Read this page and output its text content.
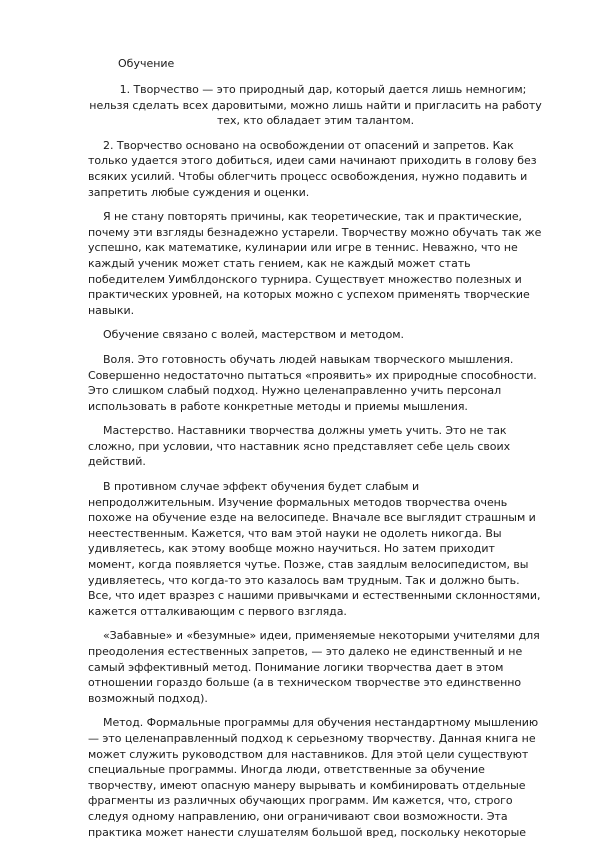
Обучение

1. Творчество — это природный дар, который дается лишь немногим; нельзя сделать всех даровитыми, можно лишь найти и пригласить на работу тех, кто обладает этим талантом.

2. Творчество основано на освобождении от опасений и запретов. Как только удается этого добиться, идеи сами начинают приходить в голову без всяких усилий. Чтобы облегчить процесс освобождения, нужно подавить и запретить любые суждения и оценки.

Я не стану повторять причины, как теоретические, так и практические, почему эти взгляды безнадежно устарели. Творчеству можно обучать так же успешно, как математике, кулинарии или игре в теннис. Неважно, что не каждый ученик может стать гением, как не каждый может стать победителем Уимблдонского турнира. Существует множество полезных и практических уровней, на которых можно с успехом применять творческие навыки.

Обучение связано с волей, мастерством и методом.

Воля. Это готовность обучать людей навыкам творческого мышления. Совершенно недостаточно пытаться «проявить» их природные способности. Это слишком слабый подход. Нужно целенаправленно учить персонал использовать в работе конкретные методы и приемы мышления.

Мастерство. Наставники творчества должны уметь учить. Это не так сложно, при условии, что наставник ясно представляет себе цель своих действий.

В противном случае эффект обучения будет слабым и непродолжительным. Изучение формальных методов творчества очень похоже на обучение езде на велосипеде. Вначале все выглядит страшным и неестественным. Кажется, что вам этой науки не одолеть никогда. Вы удивляетесь, как этому вообще можно научиться. Но затем приходит момент, когда появляется чутье. Позже, став заядлым велосипедистом, вы удивляетесь, что когда-то это казалось вам трудным. Так и должно быть. Все, что идет вразрез с нашими привычками и естественными склонностями, кажется отталкивающим с первого взгляда.

«Забавные» и «безумные» идеи, применяемые некоторыми учителями для преодоления естественных запретов, — это далеко не единственный и не самый эффективный метод. Понимание логики творчества дает в этом отношении гораздо больше (а в техническом творчестве это единственно возможный подход).

Метод. Формальные программы для обучения нестандартному мышлению — это целенаправленный подход к серьезному творчеству. Данная книга не может служить руководством для наставников. Для этой цели существуют специальные программы. Иногда люди, ответственные за обучение творчеству, имеют опасную манеру вырывать и комбинировать отдельные фрагменты из различных обучающих программ. Им кажется, что, строго следуя одному направлению, они ограничивают свои возможности. Эта практика может нанести слушателям большой вред, поскольку некоторые
